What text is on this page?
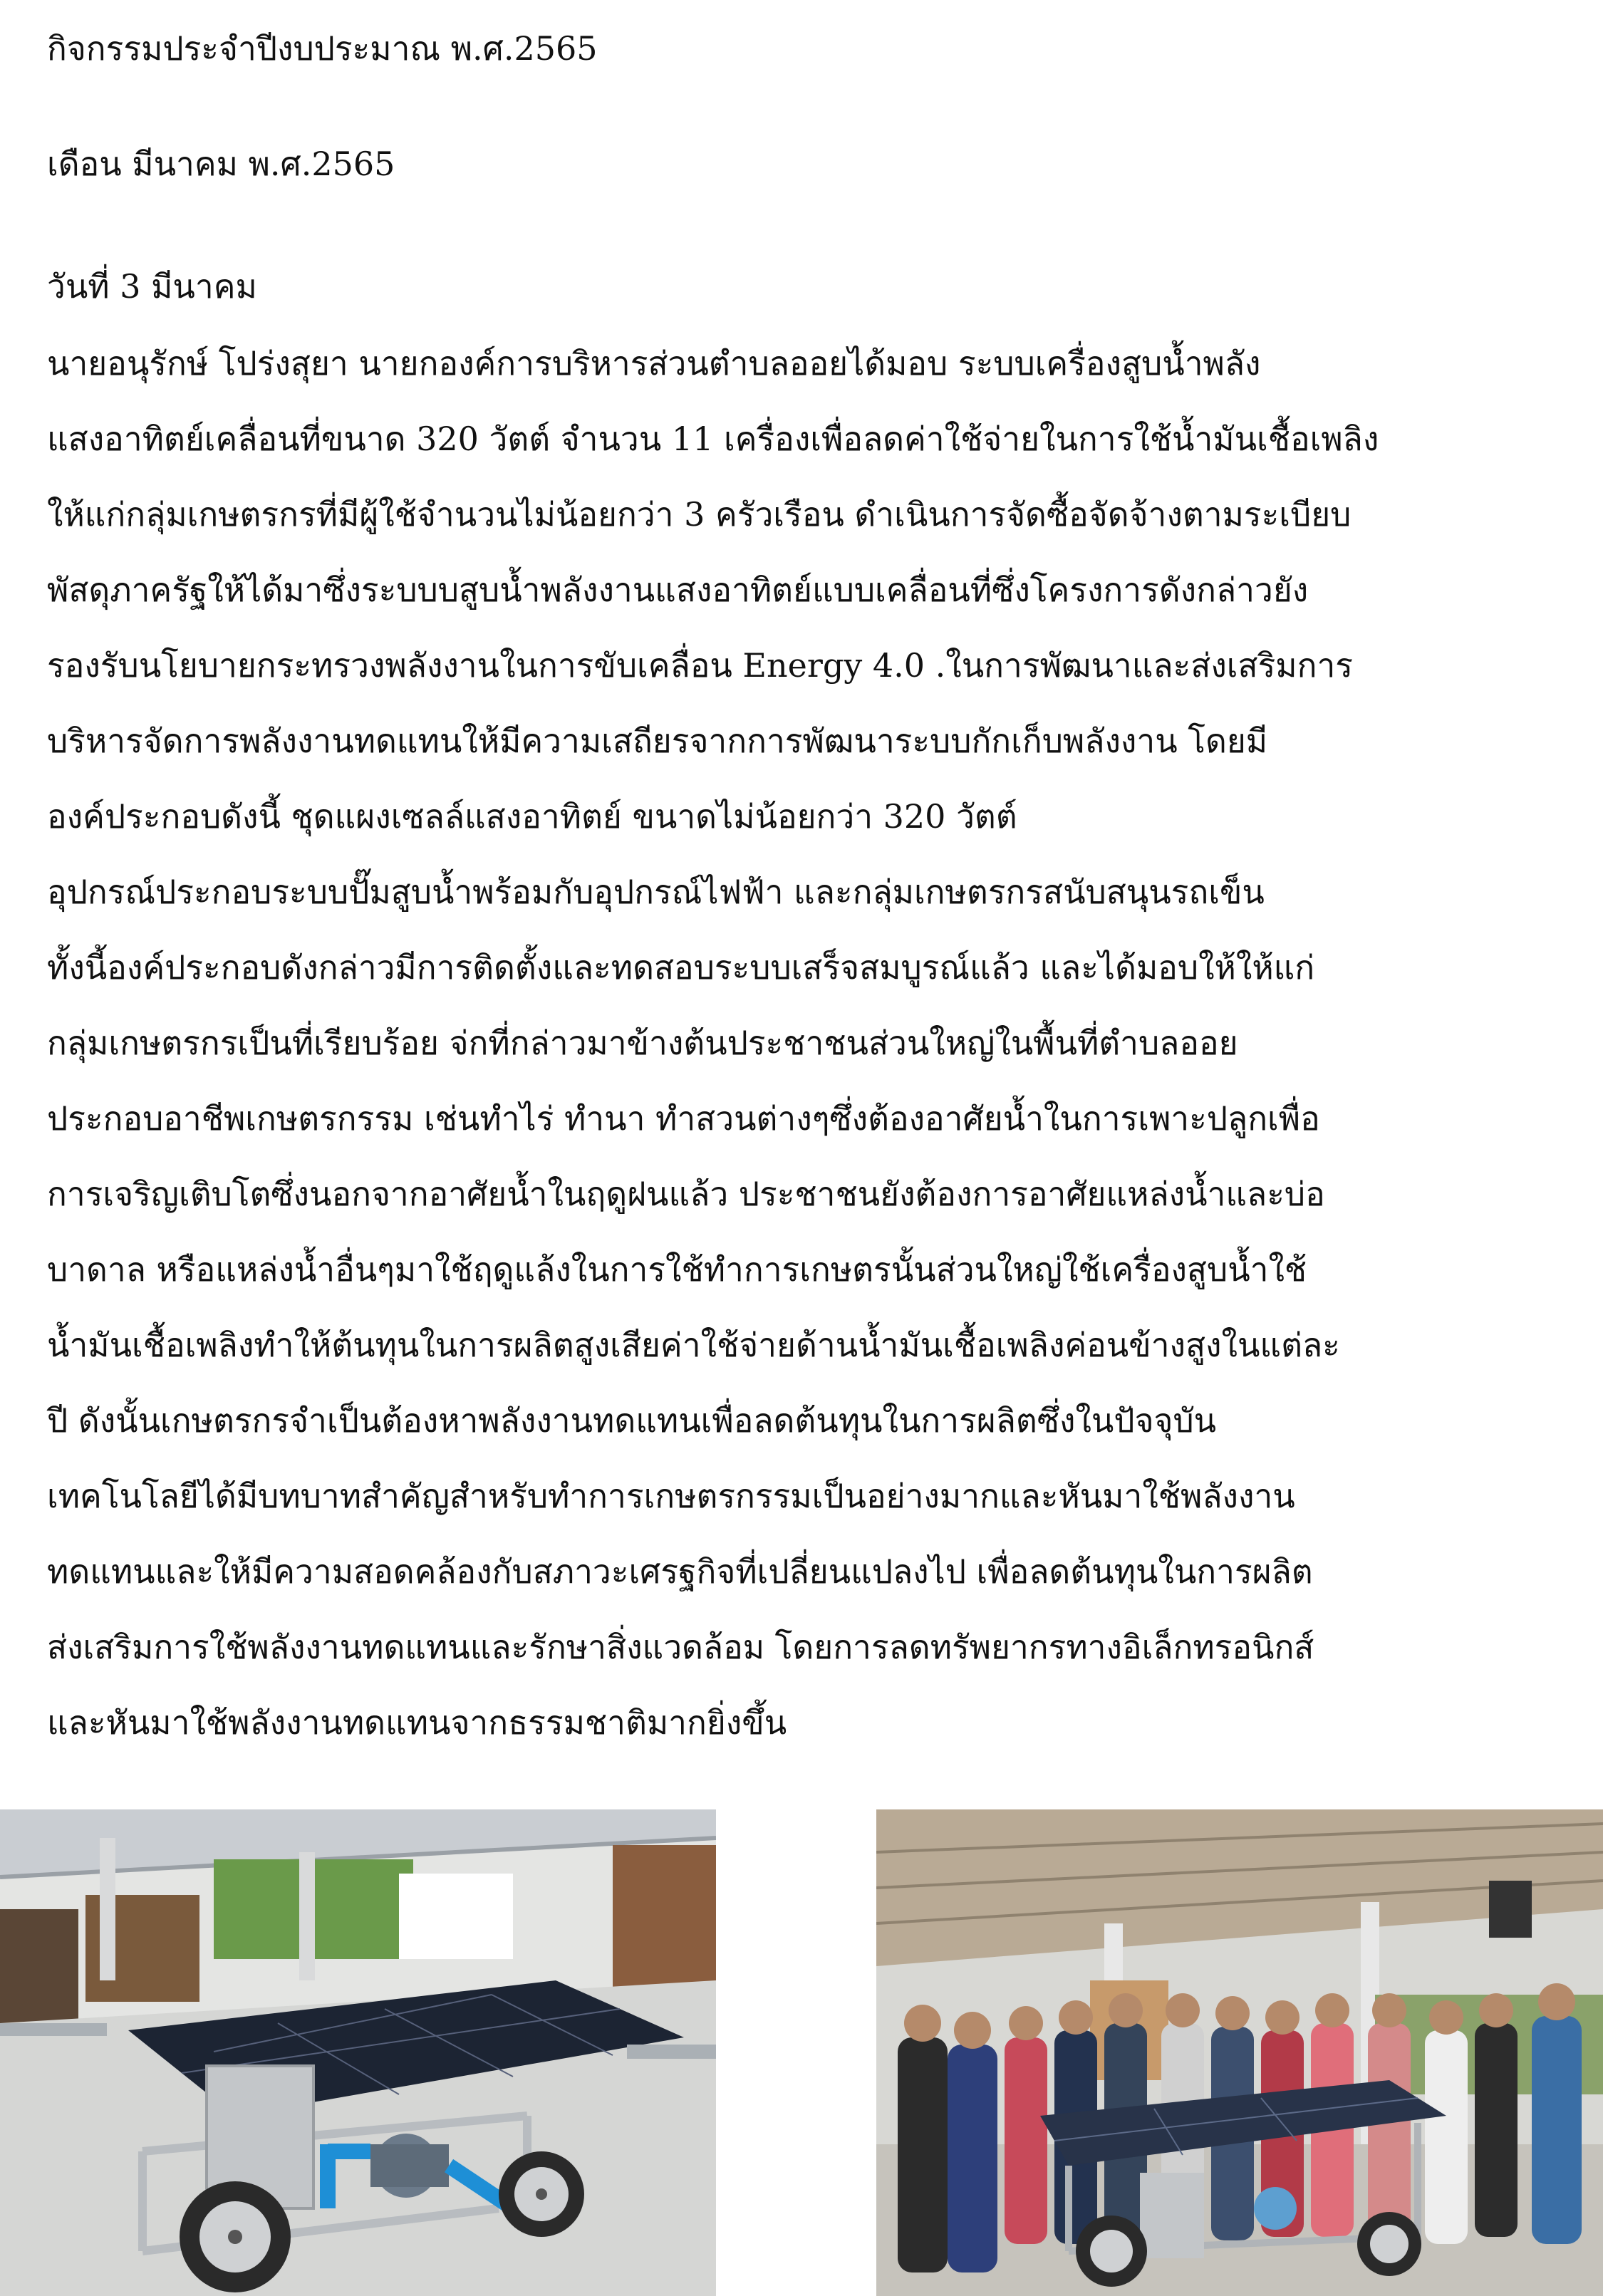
กิจกรรมประจำปีงบประมาณ พ.ศ.2565

เดือน มีนาคม พ.ศ.2565

วันที่ 3 มีนาคม

นายอนุรักษ์ โปร่งสุยา นายกองค์การบริหารส่วนตำบลออยได้มอบ ระบบเครื่องสูบน้ำพลัง

แสงอาทิตย์เคลื่อนที่ขนาด 320 วัตต์ จำนวน 11 เครื่องเพื่อลดค่าใช้จ่ายในการใช้น้ำมันเชื้อเพลิง

ให้แก่กลุ่มเกษตรกรที่มีผู้ใช้จำนวนไม่น้อยกว่า 3 ครัวเรือน ดำเนินการจัดซื้อจัดจ้างตามระเบียบ

พัสดุภาครัฐให้ได้มาซึ่งระบบบสูบน้ำพลังงานแสงอาทิตย์แบบเคลื่อนที่ซึ่งโครงการดังกล่าวยัง

รองรับนโยบายกระทรวงพลังงานในการขับเคลื่อน Energy 4.0 .ในการพัฒนาและส่งเสริมการ

บริหารจัดการพลังงานทดแทนให้มีความเสถียรจากการพัฒนาระบบกักเก็บพลังงาน โดยมี

องค์ประกอบดังนี้ ชุดแผงเซลล์แสงอาทิตย์ ขนาดไม่น้อยกว่า 320 วัตต์

อุปกรณ์ประกอบระบบปั๊มสูบน้ำพร้อมกับอุปกรณ์ไฟฟ้า และกลุ่มเกษตรกรสนับสนุนรถเข็น

ทั้งนี้องค์ประกอบดังกล่าวมีการติดตั้งและทดสอบระบบเสร็จสมบูรณ์แล้ว และได้มอบให้ให้แก่

กลุ่มเกษตรกรเป็นที่เรียบร้อย จ่กที่กล่าวมาข้างต้นประชาชนส่วนใหญ่ในพื้นที่ตำบลออย

ประกอบอาชีพเกษตรกรรม เช่นทำไร่ ทำนา ทำสวนต่างๆซึ่งต้องอาศัยน้ำในการเพาะปลูกเพื่อ

การเจริญเติบโตซึ่งนอกจากอาศัยน้ำในฤดูฝนแล้ว ประชาชนยังต้องการอาศัยแหล่งน้ำและบ่อ

บาดาล หรือแหล่งน้ำอื่นๆมาใช้ฤดูแล้งในการใช้ทำการเกษตรนั้นส่วนใหญ่ใช้เครื่องสูบน้ำใช้

น้ำมันเชื้อเพลิงทำให้ต้นทุนในการผลิตสูงเสียค่าใช้จ่ายด้านน้ำมันเชื้อเพลิงค่อนข้างสูงในแต่ละ

ปี ดังนั้นเกษตรกรจำเป็นต้องหาพลังงานทดแทนเพื่อลดต้นทุนในการผลิตซึ่งในปัจจุบัน

เทคโนโลยีได้มีบทบาทสำคัญสำหรับทำการเกษตรกรรมเป็นอย่างมากและหันมาใช้พลังงาน

ทดแทนและให้มีความสอดคล้องกับสภาวะเศรฐกิจที่เปลี่ยนแปลงไป เพื่อลดต้นทุนในการผลิต

ส่งเสริมการใช้พลังงานทดแทนและรักษาสิ่งแวดล้อม โดยการลดทรัพยากรทางอิเล็กทรอนิกส์

และหันมาใช้พลังงานทดแทนจากธรรมชาติมากยิ่งขึ้น
